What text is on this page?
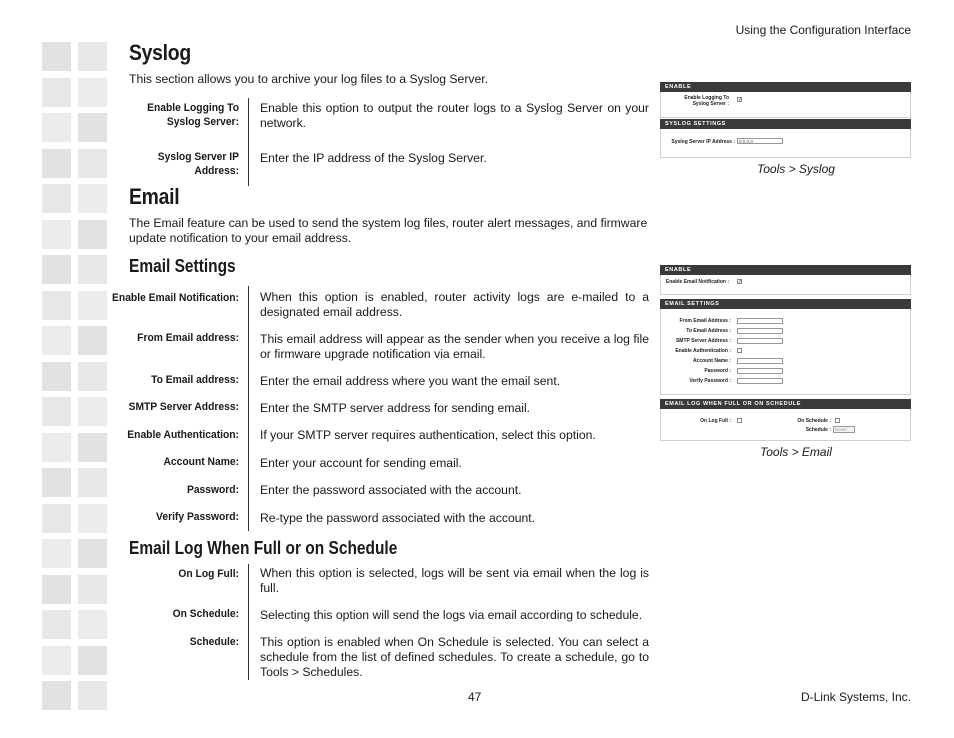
Using the Configuration Interface
Syslog
This section allows you to archive your log files to a Syslog Server.
Enable Logging To Syslog Server:
Enable this option to output the router logs to a Syslog Server on your network.
Syslog Server IP Address:
Enter the IP address of the Syslog Server.
Email
The Email feature can be used to send the system log files, router alert messages, and firmware update notification to your email address.
Email Settings
Enable Email Notification: When this option is enabled, router activity logs are e-mailed to a designated email address.
From Email address: This email address will appear as the sender when you receive a log file or firmware upgrade notification via email.
To Email address: Enter the email address where you want the email sent.
SMTP Server Address: Enter the SMTP server address for sending email.
Enable Authentication: If your SMTP server requires authentication, select this option.
Account Name: Enter your account for sending email.
Password: Enter the password associated with the account.
Verify Password: Re-type the password associated with the account.
Email Log When Full or on Schedule
On Log Full: When this option is selected, logs will be sent via email when the log is full.
On Schedule: Selecting this option will send the logs via email according to schedule.
Schedule: This option is enabled when On Schedule is selected. You can select a schedule from the list of defined schedules. To create a schedule, go to Tools > Schedules.
ENABLE
Enable Logging To Syslog Server :
✓
SYSLOG SETTINGS
Syslog Server IP Address : 0.0.0.0
Tools > Syslog
ENABLE
Enable Email Notification : ✓
EMAIL SETTINGS
From Email Address :
To Email Address :
SMTP Server Address :
Enable Authentication :
Account Name :
Password :
Verify Password :
EMAIL LOG WHEN FULL OR ON SCHEDULE
On Log Full :	On Schedule :
Schedule : Never
Tools > Email
47	D-Link Systems, Inc.
